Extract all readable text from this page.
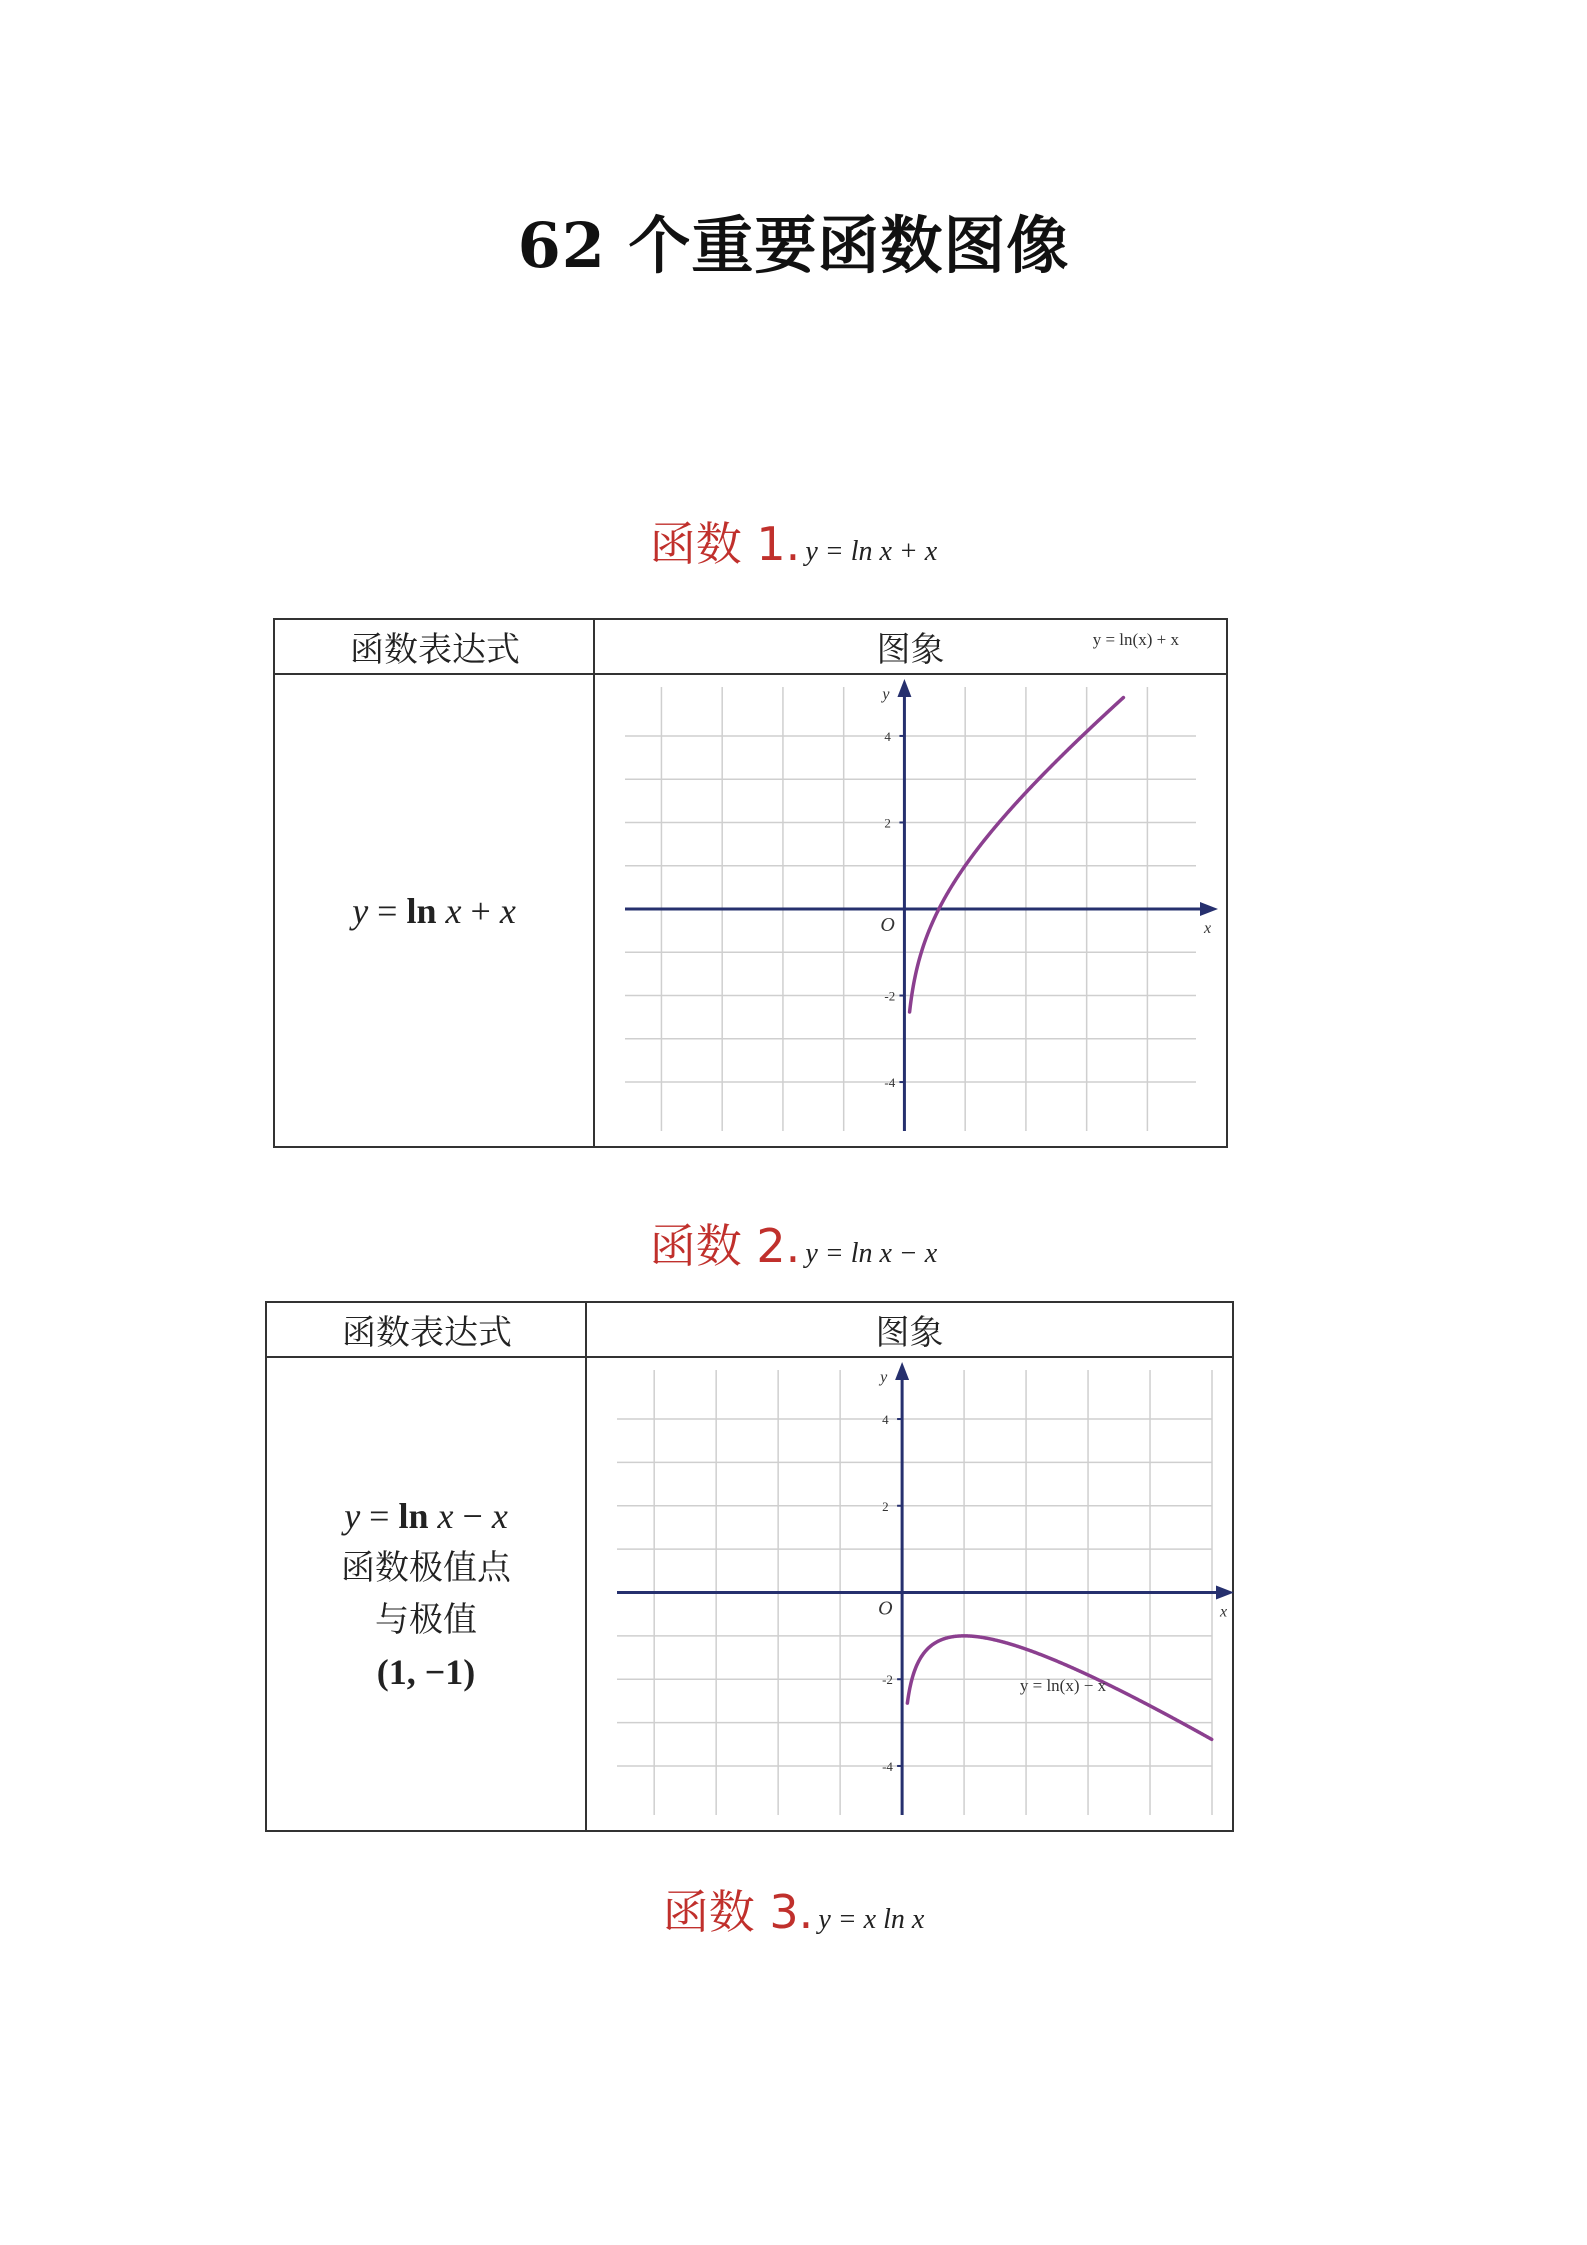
62 个重要函数图像
函数 1. y = ln x + x
函数表达式	图象
y = ln x + x	x
y
O
4
2
-2
-4
y = ln(x) + x
函数 2. y = ln x − x
函数表达式	图象
y = ln x − x
函数极值点
与极值
(1, −1)
x
y
O
4
2
-2
-4
y = ln(x) − x
函数 3. y = x ln x
